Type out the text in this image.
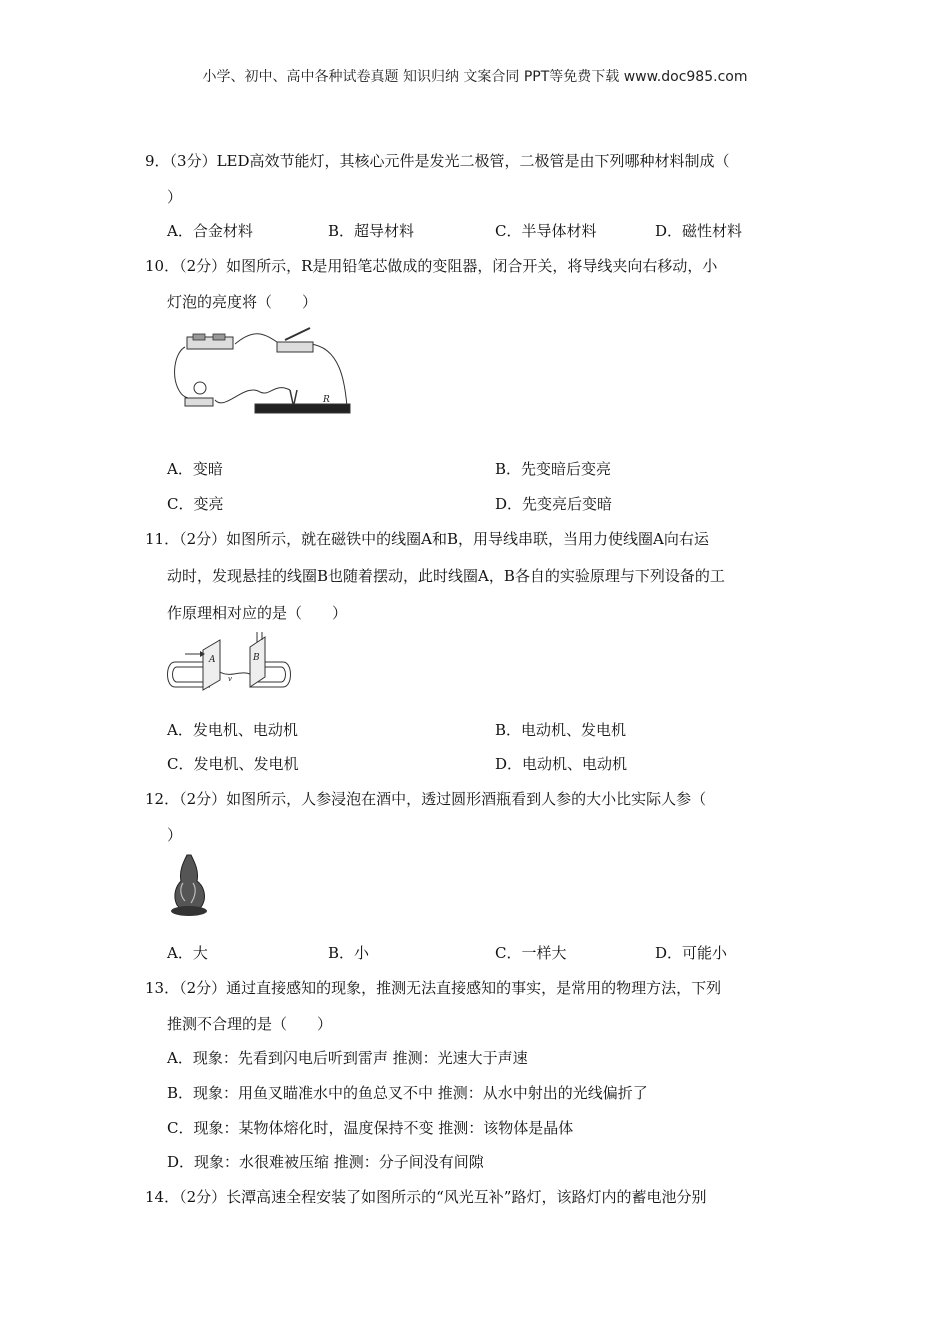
小学、初中、高中各种试卷真题 知识归纳 文案合同 PPT等免费下载 www.doc985.com
9．（3分）LED高效节能灯，其核心元件是发光二极管，二极管是由下列哪种材料制成（
）
A．合金材料	B．超导材料	C．半导体材料	D．磁性材料
10．（2分）如图所示，R是用铅笔芯做成的变阻器，闭合开关，将导线夹向右移动，小
灯泡的亮度将（　　）
R
A．变暗	B．先变暗后变亮
C．变亮	D．先变亮后变暗
11．（2分）如图所示，就在磁铁中的线圈A和B，用导线串联，当用力使线圈A向右运
动时，发现悬挂的线圈B也随着摆动，此时线圈A，B各自的实验原理与下列设备的工
作原理相对应的是（　　）
A	B
v
A．发电机、电动机	B．电动机、发电机
C．发电机、发电机	D．电动机、电动机
12．（2分）如图所示，人参浸泡在酒中，透过圆形酒瓶看到人参的大小比实际人参（
）
A．大	B．小	C．一样大	D．可能小
13．（2分）通过直接感知的现象，推测无法直接感知的事实，是常用的物理方法，下列
推测不合理的是（　　）
A．现象：先看到闪电后听到雷声 推测：光速大于声速
B．现象：用鱼叉瞄准水中的鱼总叉不中 推测：从水中射出的光线偏折了
C．现象：某物体熔化时，温度保持不变 推测：该物体是晶体
D．现象：水很难被压缩 推测：分子间没有间隙
14．（2分）长潭高速全程安装了如图所示的“风光互补”路灯，该路灯内的蓄电池分别
